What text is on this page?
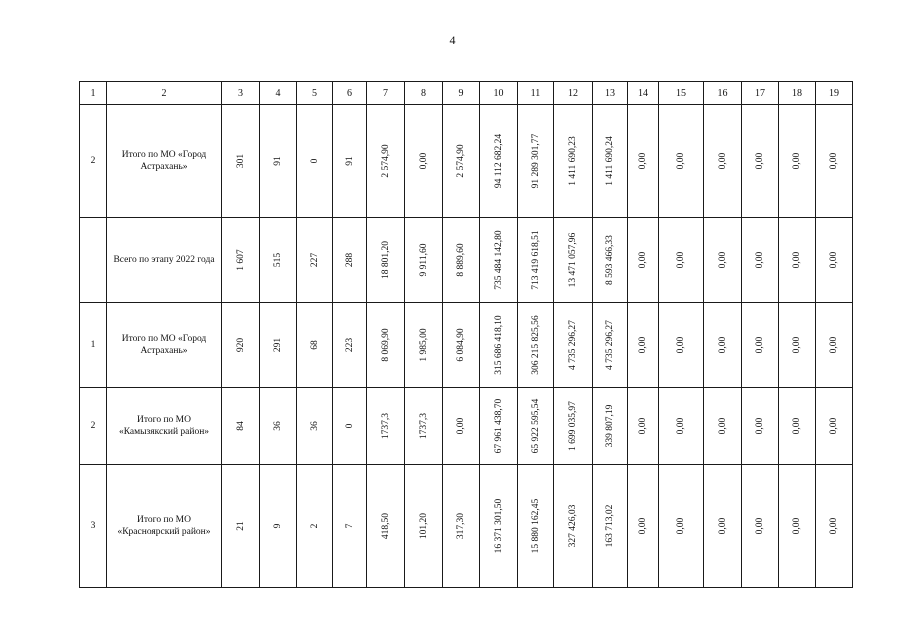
4
1	2	3	4	5	6	7	8	9	10	11	12	13	14	15	16	17	18	19
2	Итого по МО «Город Астрахань»	301	91	0	91	2 574,90	0,00	2 574,90	94 112 682,24	91 289 301,77	1 411 690,23	1 411 690,24	0,00	0,00	0,00	0,00	0,00	0,00

	Всего по этапу 2022 года	1 607	515	227	288	18 801,20	9 911,60	8 889,60	735 484 142,80	713 419 618,51	13 471 057,96	8 593 466,33	0,00	0,00	0,00	0,00	0,00	0,00

1	Итого по МО «Город Астрахань»	920	291	68	223	8 069,90	1 985,00	6 084,90	315 686 418,10	306 215 825,56	4 735 296,27	4 735 296,27	0,00	0,00	0,00	0,00	0,00	0,00

2	Итого по МО «Камызякский район»	84	36	36	0	1737,3	1737,3	0,00	67 961 438,70	65 922 595,54	1 699 035,97	339 807,19	0,00	0,00	0,00	0,00	0,00	0,00

3	Итого по МО «Красноярский район»	21	9	2	7	418,50	101,20	317,30	16 371 301,50	15 880 162,45	327 426,03	163 713,02	0,00	0,00	0,00	0,00	0,00	0,00
